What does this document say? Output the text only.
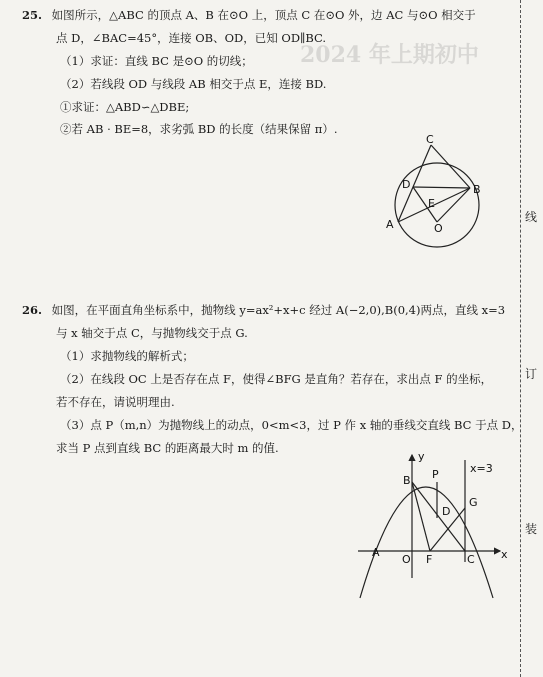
2024 年上期初中
25. 如图所示，△ABC 的顶点 A、B 在⊙O 上，顶点 C 在⊙O 外，边 AC 与⊙O 相交于
点 D，∠BAC=45°，连接 OB、OD，已知 OD∥BC.
（1）求证：直线 BC 是⊙O 的切线；
（2）若线段 OD 与线段 AB 相交于点 E，连接 BD.
①求证：△ABD∽△DBE;
②若 AB · BE=8，求劣弧 BD 的长度（结果保留 π）.
C
D	B
E
A	O
26. 如图，在平面直角坐标系中，抛物线 y=ax²+x+c 经过 A(−2,0),B(0,4)两点，直线 x=3
与 x 轴交于点 C，与抛物线交于点 G.
（1）求抛物线的解析式；
（2）在线段 OC 上是否存在点 F，使得∠BFG 是直角？若存在，求出点 F 的坐标，
若不存在，请说明理由.
（3）点 P（m,n）为抛物线上的动点，0<m<3，过 P 作 x 轴的垂线交直线 BC 于点 D，
求当 P 点到直线 BC 的距离最大时 m 的值.
y
x=3
B
G
P
D
A
O F	C x
线
订
装
